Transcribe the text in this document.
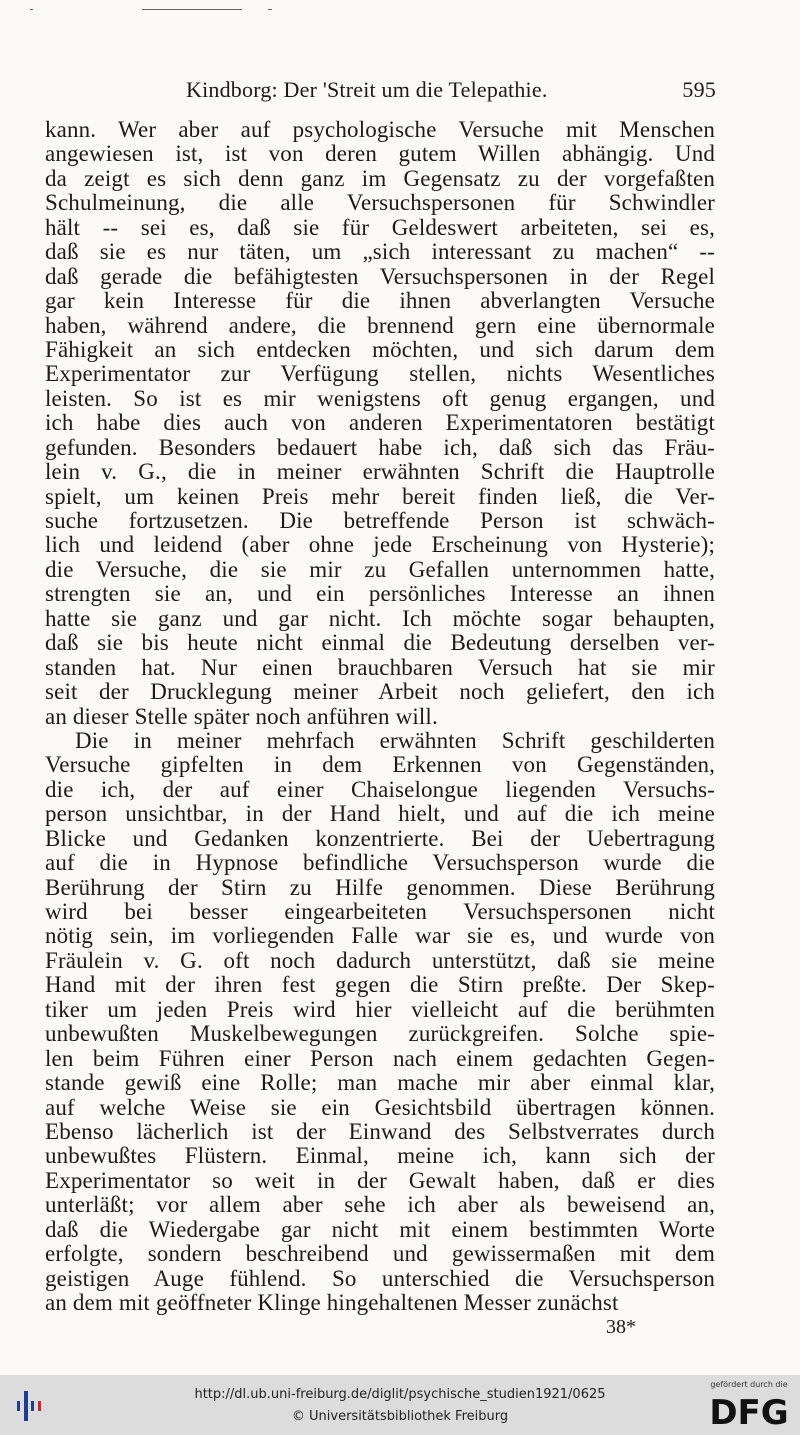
Kindborg: Der 'Streit um die Telepathie.	595
kann. Wer aber auf psychologische Versuche mit Menschen
angewiesen ist, ist von deren gutem Willen abhängig. Und
da zeigt es sich denn ganz im Gegensatz zu der vorgefaßten
Schulmeinung, die alle Versuchspersonen für Schwindler
hält -- sei es, daß sie für Geldeswert arbeiteten, sei es,
daß sie es nur täten, um „sich interessant zu machen“ --
daß gerade die befähigtesten Versuchspersonen in der Regel
gar kein Interesse für die ihnen abverlangten Versuche
haben, während andere, die brennend gern eine übernormale
Fähigkeit an sich entdecken möchten, und sich darum dem
Experimentator zur Verfügung stellen, nichts Wesentliches
leisten. So ist es mir wenigstens oft genug ergangen, und
ich habe dies auch von anderen Experimentatoren bestätigt
gefunden. Besonders bedauert habe ich, daß sich das Fräu-
lein v. G., die in meiner erwähnten Schrift die Hauptrolle
spielt, um keinen Preis mehr bereit finden ließ, die Ver-
suche fortzusetzen. Die betreffende Person ist schwäch-
lich und leidend (aber ohne jede Erscheinung von Hysterie);
die Versuche, die sie mir zu Gefallen unternommen hatte,
strengten sie an, und ein persönliches Interesse an ihnen
hatte sie ganz und gar nicht. Ich möchte sogar behaupten,
daß sie bis heute nicht einmal die Bedeutung derselben ver-
standen hat. Nur einen brauchbaren Versuch hat sie mir
seit der Drucklegung meiner Arbeit noch geliefert, den ich
an dieser Stelle später noch anführen will.
Die in meiner mehrfach erwähnten Schrift geschilderten
Versuche gipfelten in dem Erkennen von Gegenständen,
die ich, der auf einer Chaiselongue liegenden Versuchs-
person unsichtbar, in der Hand hielt, und auf die ich meine
Blicke und Gedanken konzentrierte. Bei der Uebertragung
auf die in Hypnose befindliche Versuchsperson wurde die
Berührung der Stirn zu Hilfe genommen. Diese Berührung
wird bei besser eingearbeiteten Versuchspersonen nicht
nötig sein, im vorliegenden Falle war sie es, und wurde von
Fräulein v. G. oft noch dadurch unterstützt, daß sie meine
Hand mit der ihren fest gegen die Stirn preßte. Der Skep-
tiker um jeden Preis wird hier vielleicht auf die berühmten
unbewußten Muskelbewegungen zurückgreifen. Solche spie-
len beim Führen einer Person nach einem gedachten Gegen-
stande gewiß eine Rolle; man mache mir aber einmal klar,
auf welche Weise sie ein Gesichtsbild übertragen können.
Ebenso lächerlich ist der Einwand des Selbstverrates durch
unbewußtes Flüstern. Einmal, meine ich, kann sich der
Experimentator so weit in der Gewalt haben, daß er dies
unterläßt; vor allem aber sehe ich aber als beweisend an,
daß die Wiedergabe gar nicht mit einem bestimmten Worte
erfolgte, sondern beschreibend und gewissermaßen mit dem
geistigen Auge fühlend. So unterschied die Versuchsperson
an dem mit geöffneter Klinge hingehaltenen Messer zunächst
38*
http://dl.ub.uni-freiburg.de/diglit/psychische_studien1921/0625
© Universitätsbibliothek Freiburg
gefördert durch die
DFG
